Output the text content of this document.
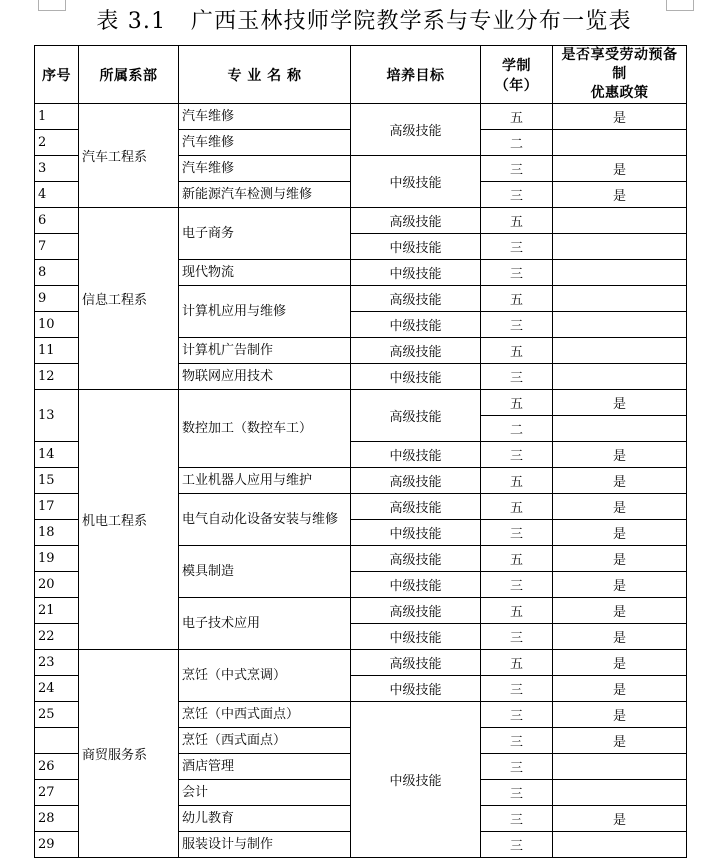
表 3.1   广西玉林技师学院教学系与专业分布一览表
序号	所属系部	专 业 名 称	培养目标	学制（年）	是否享受劳动预备制
优惠政策
1	汽车工程系	汽车维修	高级技能	五	是
2		汽车维修		二	
3		汽车维修	中级技能	三	是
4		新能源汽车检测与维修		三	是
6	信息工程系	电子商务	高级技能	五	
7			中级技能	三	
8		现代物流	中级技能	三	
9		计算机应用与维修	高级技能	五	
10			中级技能	三	
11		计算机广告制作	高级技能	五	
12		物联网应用技术	中级技能	三	
13	机电工程系	数控加工（数控车工）	高级技能	五	是
				二	
14			中级技能	三	是
15		工业机器人应用与维护	高级技能	五	是
17		电气自动化设备安装与维修	高级技能	五	是
18			中级技能	三	是
19		模具制造	高级技能	五	是
20			中级技能	三	是
21		电子技术应用	高级技能	五	是
22			中级技能	三	是
23	商贸服务系	烹饪（中式烹调）	高级技能	五	是
24			中级技能	三	是
25		烹饪（中西式面点）	中级技能	三	是
		烹饪（西式面点）		三	是
26		酒店管理		三	
27		会计		三	
28		幼儿教育		三	是
29		服装设计与制作		三	
